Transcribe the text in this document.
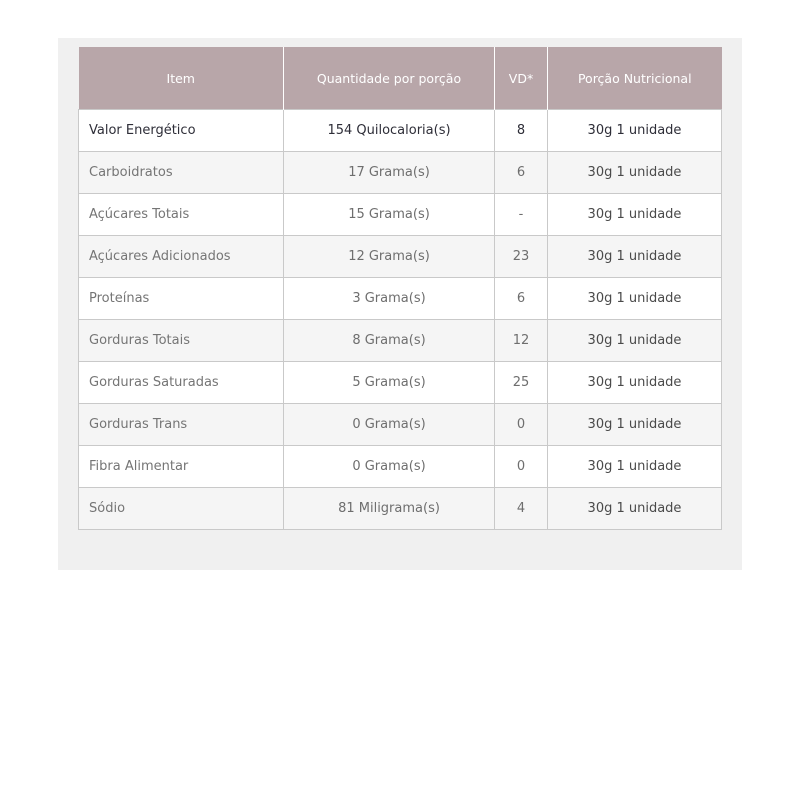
Item	Quantidade por porção	VD*	Porção Nutricional
Valor Energético	154 Quilocaloria(s)	8	30g 1 unidade
Carboidratos	17 Grama(s)	6	30g 1 unidade
Açúcares Totais	15 Grama(s)	-	30g 1 unidade
Açúcares Adicionados	12 Grama(s)	23	30g 1 unidade
Proteínas	3 Grama(s)	6	30g 1 unidade
Gorduras Totais	8 Grama(s)	12	30g 1 unidade
Gorduras Saturadas	5 Grama(s)	25	30g 1 unidade
Gorduras Trans	0 Grama(s)	0	30g 1 unidade
Fibra Alimentar	0 Grama(s)	0	30g 1 unidade
Sódio	81 Miligrama(s)	4	30g 1 unidade
